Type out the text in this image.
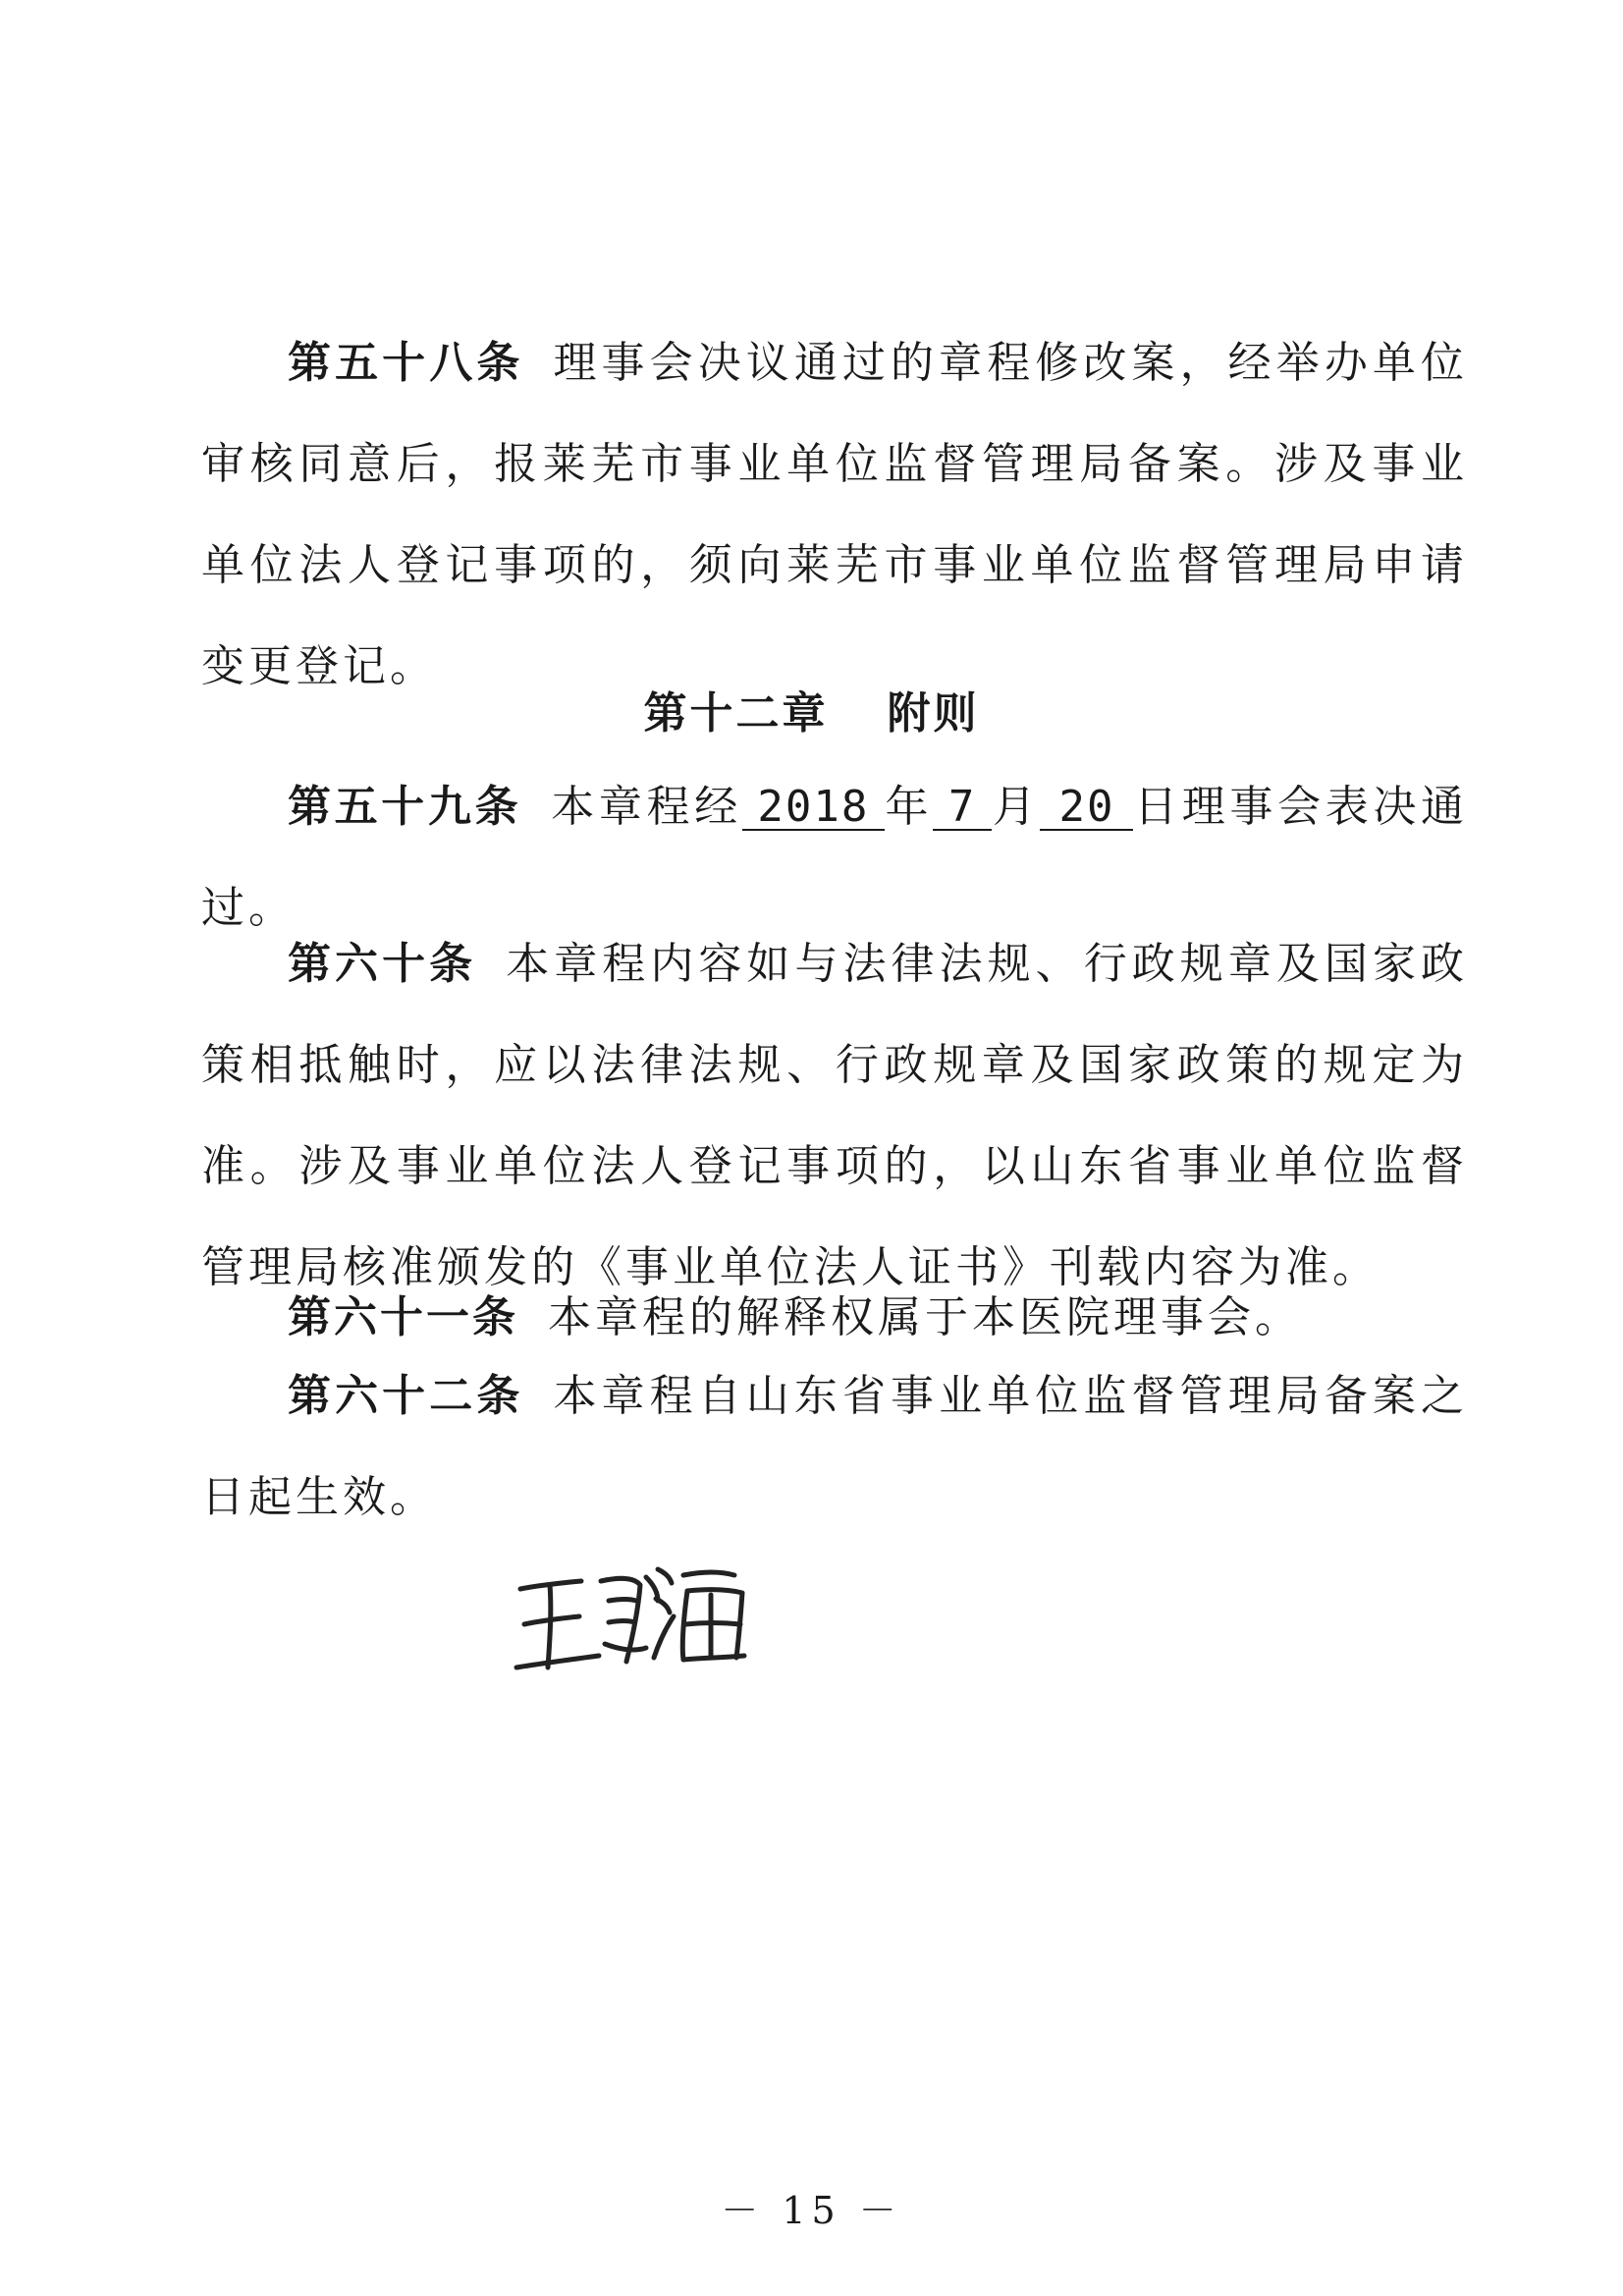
第五十八条 理事会决议通过的章程修改案，经举办单位审核同意后，报莱芜市事业单位监督管理局备案。涉及事业单位法人登记事项的，须向莱芜市事业单位监督管理局申请变更登记。

第十二章 附则

第五十九条 本章程经 2018 年 7 月 20 日理事会表决通过。

第六十条 本章程内容如与法律法规、行政规章及国家政策相抵触时，应以法律法规、行政规章及国家政策的规定为准。涉及事业单位法人登记事项的，以山东省事业单位监督管理局核准颁发的《事业单位法人证书》刊载内容为准。

第六十一条 本章程的解释权属于本医院理事会。

第六十二条 本章程自山东省事业单位监督管理局备案之日起生效。

－ 15 －
